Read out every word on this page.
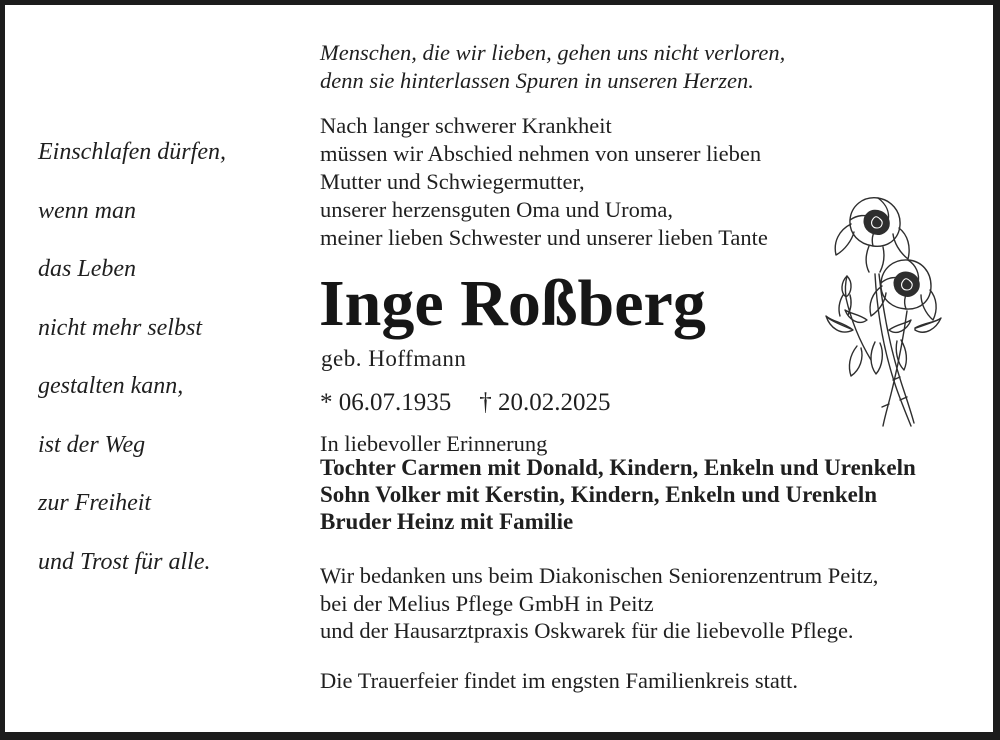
Menschen, die wir lieben, gehen uns nicht verloren,
denn sie hinterlassen Spuren in unseren Herzen.
Einschlafen dürfen,
wenn man
das Leben
nicht mehr selbst
gestalten kann,
ist der Weg
zur Freiheit
und Trost für alle.
Nach langer schwerer Krankheit
müssen wir Abschied nehmen von unserer lieben
Mutter und Schwiegermutter,
unserer herzensguten Oma und Uroma,
meiner lieben Schwester und unserer lieben Tante
Inge Roßberg
geb. Hoffmann
* 06.07.1935 † 20.02.2025
In liebevoller Erinnerung
Tochter Carmen mit Donald, Kindern, Enkeln und Urenkeln
Sohn Volker mit Kerstin, Kindern, Enkeln und Urenkeln
Bruder Heinz mit Familie
Wir bedanken uns beim Diakonischen Seniorenzentrum Peitz,
bei der Melius Pflege GmbH in Peitz
und der Hausarztpraxis Oskwarek für die liebevolle Pflege.
Die Trauerfeier findet im engsten Familienkreis statt.
